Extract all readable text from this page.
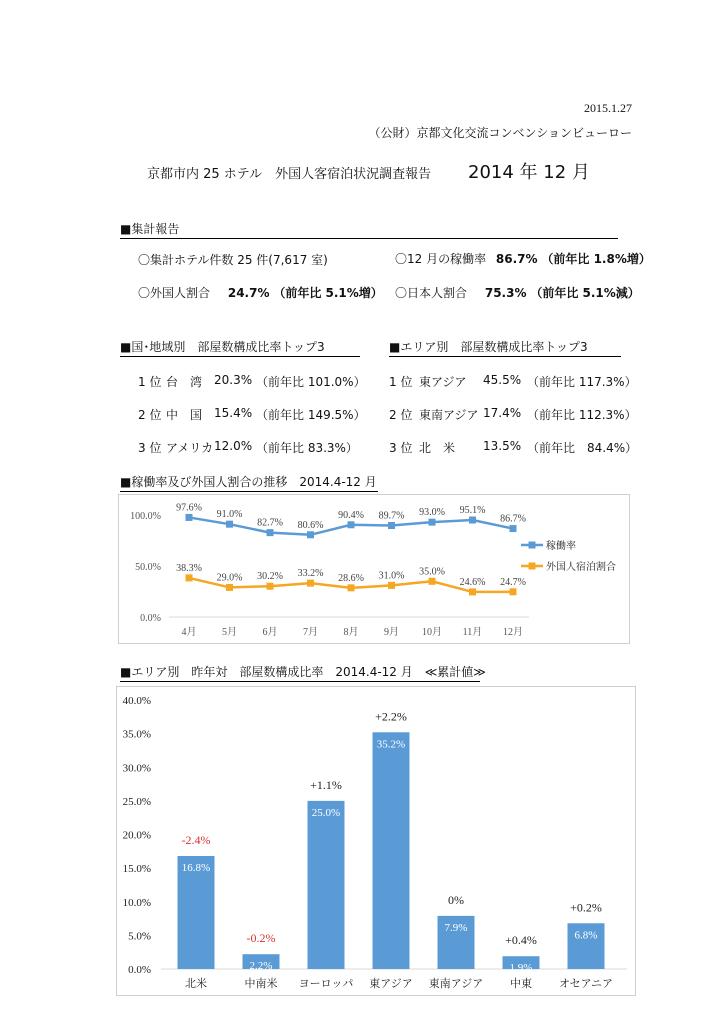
2015.1.27
（公財）京都文化交流コンベンションビューロー
京都市内 25 ホテル　外国人客宿泊状況調査報告 2014 年 12 月
■集計報告
〇集計ホテル件数 25 件(7,617 室)	〇12 月の稼働率 86.7% （前年比 1.8%増）
〇外国人割合 24.7% （前年比 5.1%増） 〇日本人割合 75.3% （前年比 5.1%減）
■国･地域別　部屋数構成比率トップ3	■エリア別　部屋数構成比率トップ3
1 位 台　湾 20.3% （前年比 101.0%）
2 位 中　国 15.4% （前年比 149.5%）
3 位 アメリカ 12.0% （前年比 83.3%）
1 位 東アジア 45.5% （前年比 117.3%）
2 位 東南アジア 17.4% （前年比 112.3%）
3 位 北　米 13.5% （前年比　84.4%）
■稼働率及び外国人割合の推移　2014.4-12 月
0.0%
50.0%
100.0%
4月	5月	6月	7月	8月	9月 10月 11月 12月
97.6%
91.0%
82.7% 80.6%
90.4% 89.7% 93.0% 95.1%
86.7%
稼働率
38.3%
29.0% 30.2% 33.2% 28.6% 31.0% 35.0%
24.6% 24.7%
外国人宿泊割合
■エリア別　昨年対　部屋数構成比率　2014.4-12 月　≪累計値≫
0.0%
5.0%
10.0%
15.0%
20.0%
25.0%
30.0%
35.0%
40.0%
16.8%
-2.4%
北米
2.2%
-0.2%
中南米
25.0%
+1.1%
ヨーロッパ
35.2%
+2.2%
東アジア
7.9%
0%
東南アジア
1.9%
+0.4%
中東
6.8%
+0.2%
オセアニア
